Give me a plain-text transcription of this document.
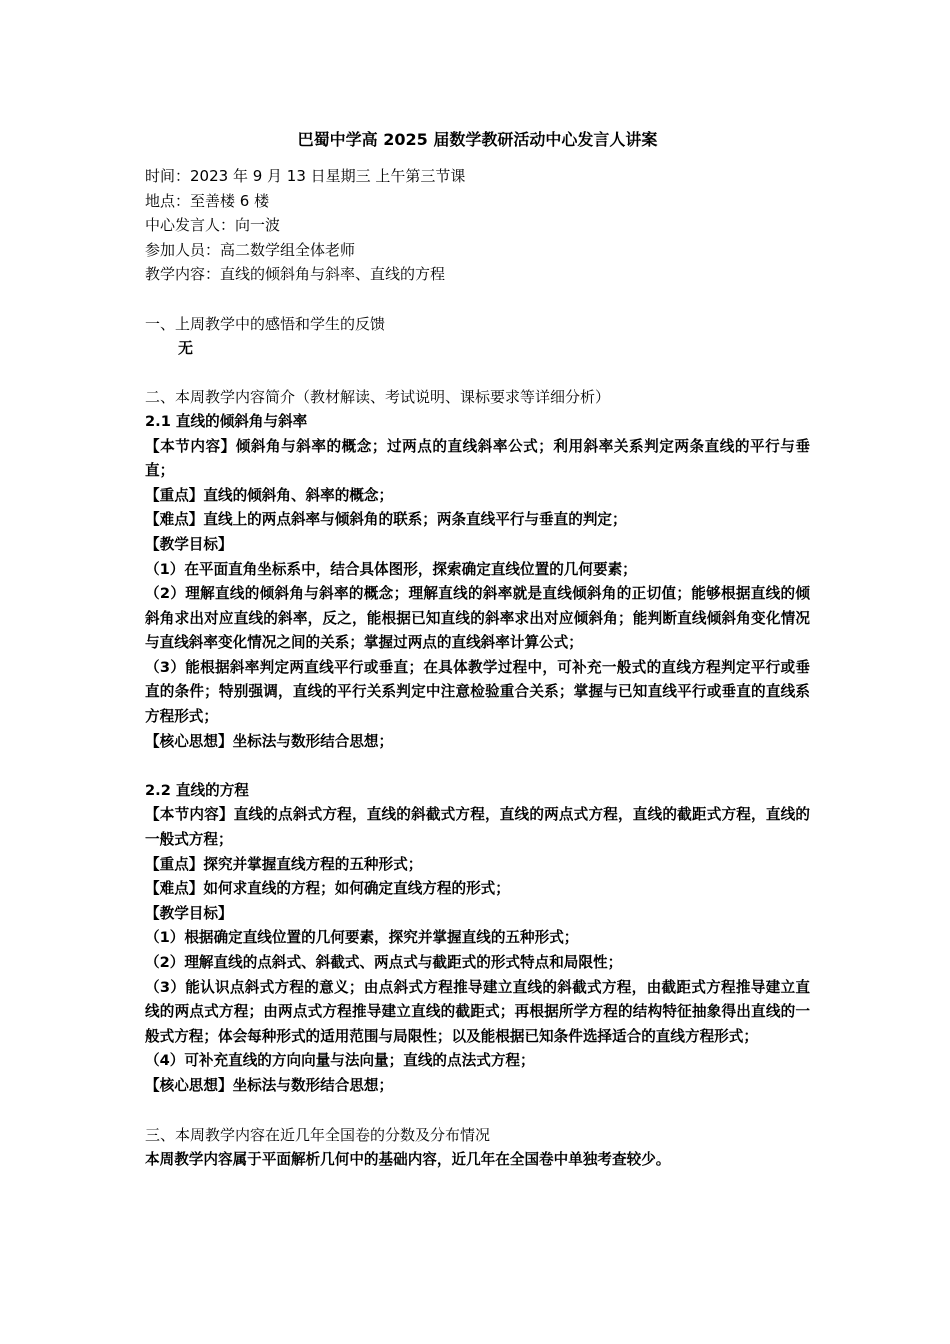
巴蜀中学高 2025 届数学教研活动中心发言人讲案
时间：2023 年 9 月 13 日星期三 上午第三节课
地点：至善楼 6 楼
中心发言人：向一波
参加人员：高二数学组全体老师
教学内容：直线的倾斜角与斜率、直线的方程
一、上周教学中的感悟和学生的反馈
无
二、本周教学内容简介（教材解读、考试说明、课标要求等详细分析）
2.1 直线的倾斜角与斜率
【本节内容】倾斜角与斜率的概念；过两点的直线斜率公式；利用斜率关系判定两条直线的平行与垂直；
【重点】直线的倾斜角、斜率的概念；
【难点】直线上的两点斜率与倾斜角的联系；两条直线平行与垂直的判定；
【教学目标】
（1）在平面直角坐标系中，结合具体图形，探索确定直线位置的几何要素；
（2）理解直线的倾斜角与斜率的概念；理解直线的斜率就是直线倾斜角的正切值；能够根据直线的倾斜角求出对应直线的斜率，反之，能根据已知直线的斜率求出对应倾斜角；能判断直线倾斜角变化情况与直线斜率变化情况之间的关系；掌握过两点的直线斜率计算公式；
（3）能根据斜率判定两直线平行或垂直；在具体教学过程中，可补充一般式的直线方程判定平行或垂直的条件；特别强调，直线的平行关系判定中注意检验重合关系；掌握与已知直线平行或垂直的直线系方程形式；
【核心思想】坐标法与数形结合思想；
2.2 直线的方程
【本节内容】直线的点斜式方程，直线的斜截式方程，直线的两点式方程，直线的截距式方程，直线的一般式方程；
【重点】探究并掌握直线方程的五种形式；
【难点】如何求直线的方程；如何确定直线方程的形式；
【教学目标】
（1）根据确定直线位置的几何要素，探究并掌握直线的五种形式；
（2）理解直线的点斜式、斜截式、两点式与截距式的形式特点和局限性；
（3）能认识点斜式方程的意义；由点斜式方程推导建立直线的斜截式方程，由截距式方程推导建立直线的两点式方程；由两点式方程推导建立直线的截距式；再根据所学方程的结构特征抽象得出直线的一般式方程；体会每种形式的适用范围与局限性；以及能根据已知条件选择适合的直线方程形式；
（4）可补充直线的方向向量与法向量；直线的点法式方程；
【核心思想】坐标法与数形结合思想；
三、本周教学内容在近几年全国卷的分数及分布情况
本周教学内容属于平面解析几何中的基础内容，近几年在全国卷中单独考查较少。
